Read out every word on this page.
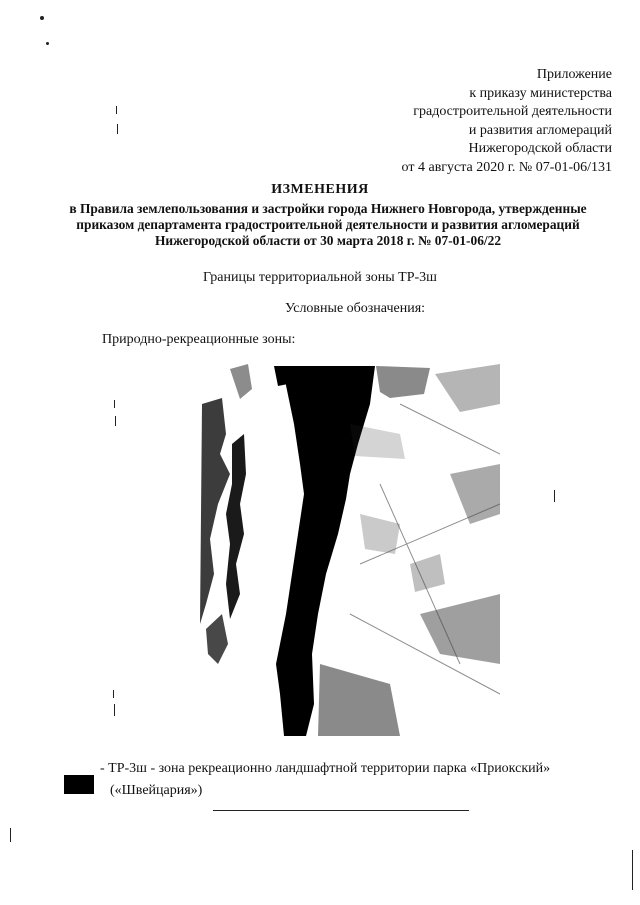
Приложение
к приказу министерства
градостроительной деятельности
и развития агломераций
Нижегородской области
от 4 августа 2020 г. № 07-01-06/131
ИЗМЕНЕНИЯ
в Правила землепользования и застройки города Нижнего Новгорода, утвержденные
приказом департамента градостроительной деятельности и развития агломераций
Нижегородской области от 30 марта 2018 г. № 07-01-06/22
Границы территориальной зоны ТР-3ш
Условные обозначения:
Природно-рекреационные зоны:
- ТР-3ш - зона рекреационно ландшафтной территории парка «Приокский»
(«Швейцария»)
